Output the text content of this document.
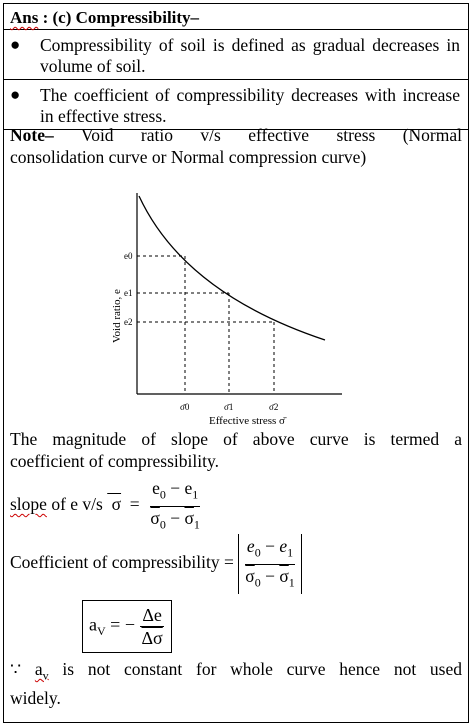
Ans : (c) Compressibility–
● Compressibility of soil is defined as gradual decreases in volume of soil.
● The coefficient of compressibility decreases with increase in effective stress.
Note– Void ratio v/s effective stress (Normal
consolidation curve or Normal compression curve)
e0
e1
e2
σ̄0	σ̄1	σ̄2
Effective stress σ̄
Void ratio, e
The magnitude of slope of above curve is termed a
coefficient of compressibility.
slope of e v/s  $\sigma = \frac{e_0 - e_1}{\overline{\sigma}_0 - \overline{\sigma}_1}$
Coefficient of compressibility = $\frac{e_0 - e_1}{\overline{\sigma}_0 - \overline{\sigma}_1}$
$a_V$ = − $\frac{\Delta e}{\Delta\sigma}$
∵ $a_v$ is not constant for whole curve hence not used
widely.
